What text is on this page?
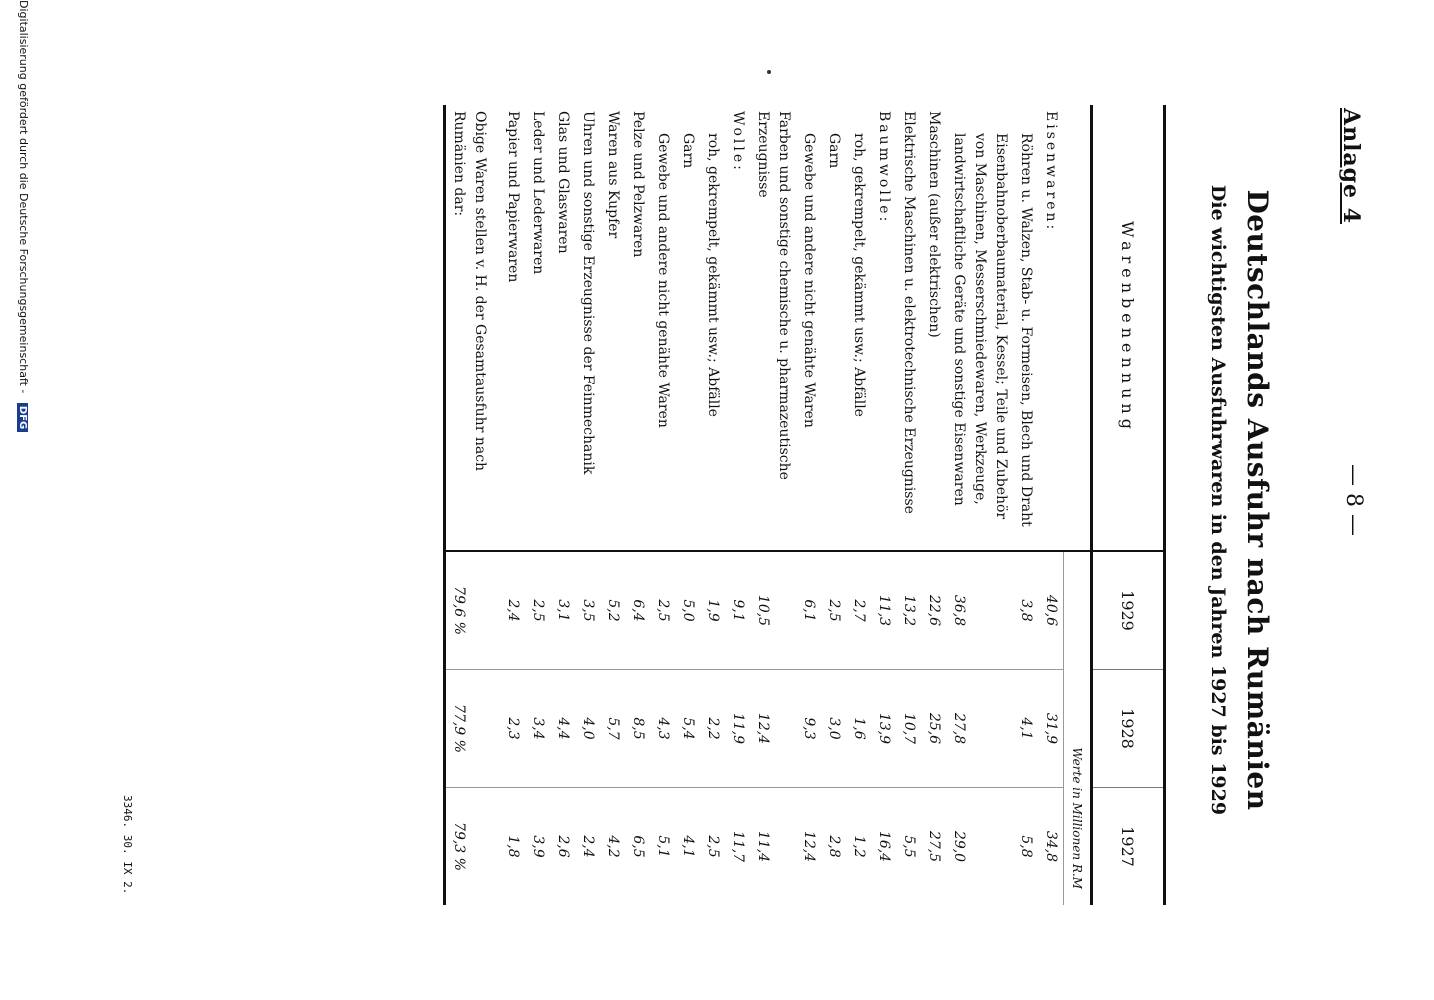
Anlage 4
— 8 —
Deutschlands Ausfuhr nach Rumänien
Die wichtigsten Ausfuhrwaren in den Jahren 1927 bis 1929
Warenbenennung	1929	1928	1927
	Werte in Millionen R.M		
Eisenwaren:	40,6	31,9	34,8
Röhren u. Walzen, Stab- u. Formeisen, Blech und Draht	3,8	4,1	5,8
Eisenbahnoberbaumaterial, Kessel; Teile und Zubehör von Maschinen, Messerschmiedewaren, Werkzeuge, landwirtschaftliche Geräte und sonstige Eisenwaren	36,8	27,8	29,0
Maschinen (außer elektrischen)	22,6	25,6	27,5
Elektrische Maschinen u. elektrotechnische Erzeugnisse	13,2	10,7	5,5
Baumwolle:	11,3	13,9	16,4
roh, gekrempelt, gekämmt usw.; Abfälle	2,7	1,6	1,2
Garn	2,5	3,0	2,8
Gewebe und andere nicht genähte Waren	6,1	9,3	12,4
Farben und sonstige chemische u. pharmazeutische Erzeugnisse	10,5	12,4	11,4
Wolle:	9,1	11,9	11,7
roh, gekrempelt, gekämmt usw.; Abfälle	1,9	2,2	2,5
Garn	5,0	5,4	4,1
Gewebe und andere nicht genähte Waren	2,5	4,3	5,1
Pelze und Pelzwaren	6,4	8,5	6,5
Waren aus Kupfer	5,2	5,7	4,2
Uhren und sonstige Erzeugnisse der Feinmechanik	3,5	4,0	2,4
Glas und Glaswaren	3,1	4,4	2,6
Leder und Lederwaren	2,5	3,4	3,9
Papier und Papierwaren	2,4	2,3	1,8
Obige Waren stellen v. H. der Gesamtausfuhr nach Rumänien dar:	79,6 %	77,9 %	79,3 %
3346. 30. IX 2.
Digitalisierung gefördert durch die Deutsche Forschungsgemeinschaft - DFG
